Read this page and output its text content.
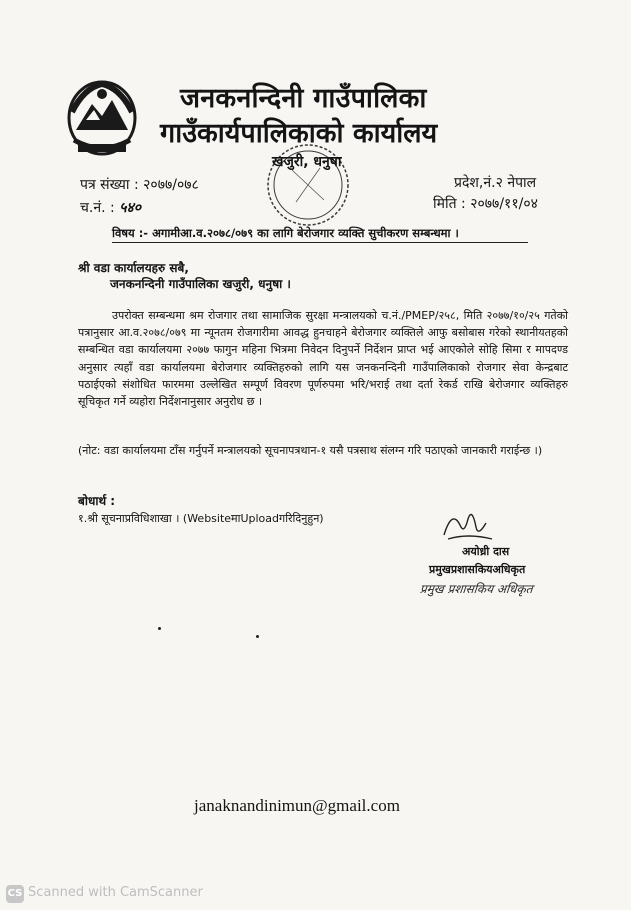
जनकनन्दिनी गाउँपालिका
गाउँकार्यपालिकाको कार्यालय
खजुरी, धनुषा
पत्र संख्या : २०७७/०७८
च.नं. : ५४०
प्रदेश,नं.२ नेपाल
मिति : २०७७/११/०४
विषय :- अगामीआ.व.२०७८/०७९ का लागि बेरोजगार व्यक्ति सुचीकरण सम्बन्धमा ।
श्री वडा कार्यालयहरु सबै,
जनकनन्दिनी गाउँपालिका खजुरी, धनुषा ।
उपरोक्त सम्बन्धमा श्रम रोजगार तथा सामाजिक सुरक्षा मन्त्रालयको च.नं./PMEP/२५८, मिति २०७७/१०/२५ गतेको पत्रानुसार आ.व.२०७८/०७९ मा न्यूनतम रोजगारीमा आवद्ध हुनचाहने बेरोजगार व्यक्तिले आफु बसोबास गरेको स्थानीयतहको सम्बन्धित वडा कार्यालयमा २०७७ फागुन महिना भित्रमा निवेदन दिनुपर्ने निर्देशन प्राप्त भई आएकोले सोहि सिमा र मापदण्ड अनुसार त्यहाँ वडा कार्यालयमा बेरोजगार व्यक्तिहरुको लागि यस जनकनन्दिनी गाउँपालिकाको रोजगार सेवा केन्द्रबाट पठाईएको संशोधित फारममा उल्लेखित सम्पूर्ण विवरण पूर्णरुपमा भरि/भराई तथा दर्ता रेकर्ड राखि बेरोजगार व्यक्तिहरु सूचिकृत गर्ने व्यहोरा निर्देशनानुसार अनुरोध छ ।
(नोट: वडा कार्यालयमा टाँस गर्नुपर्ने मन्त्रालयको सूचनापत्रथान-१ यसै पत्रसाथ संलग्न गरि पठाएको जानकारी गराईन्छ ।)
बोधार्थ :
१.श्री सूचनाप्रविधिशाखा । (WebsiteमाUploadगरिदिनुहुन)
अयोध्री दास
प्रमुखप्रशासकियअधिकृत
प्रमुख प्रशासकिय अधिकृत
janaknandinimun@gmail.com
CS Scanned with CamScanner
